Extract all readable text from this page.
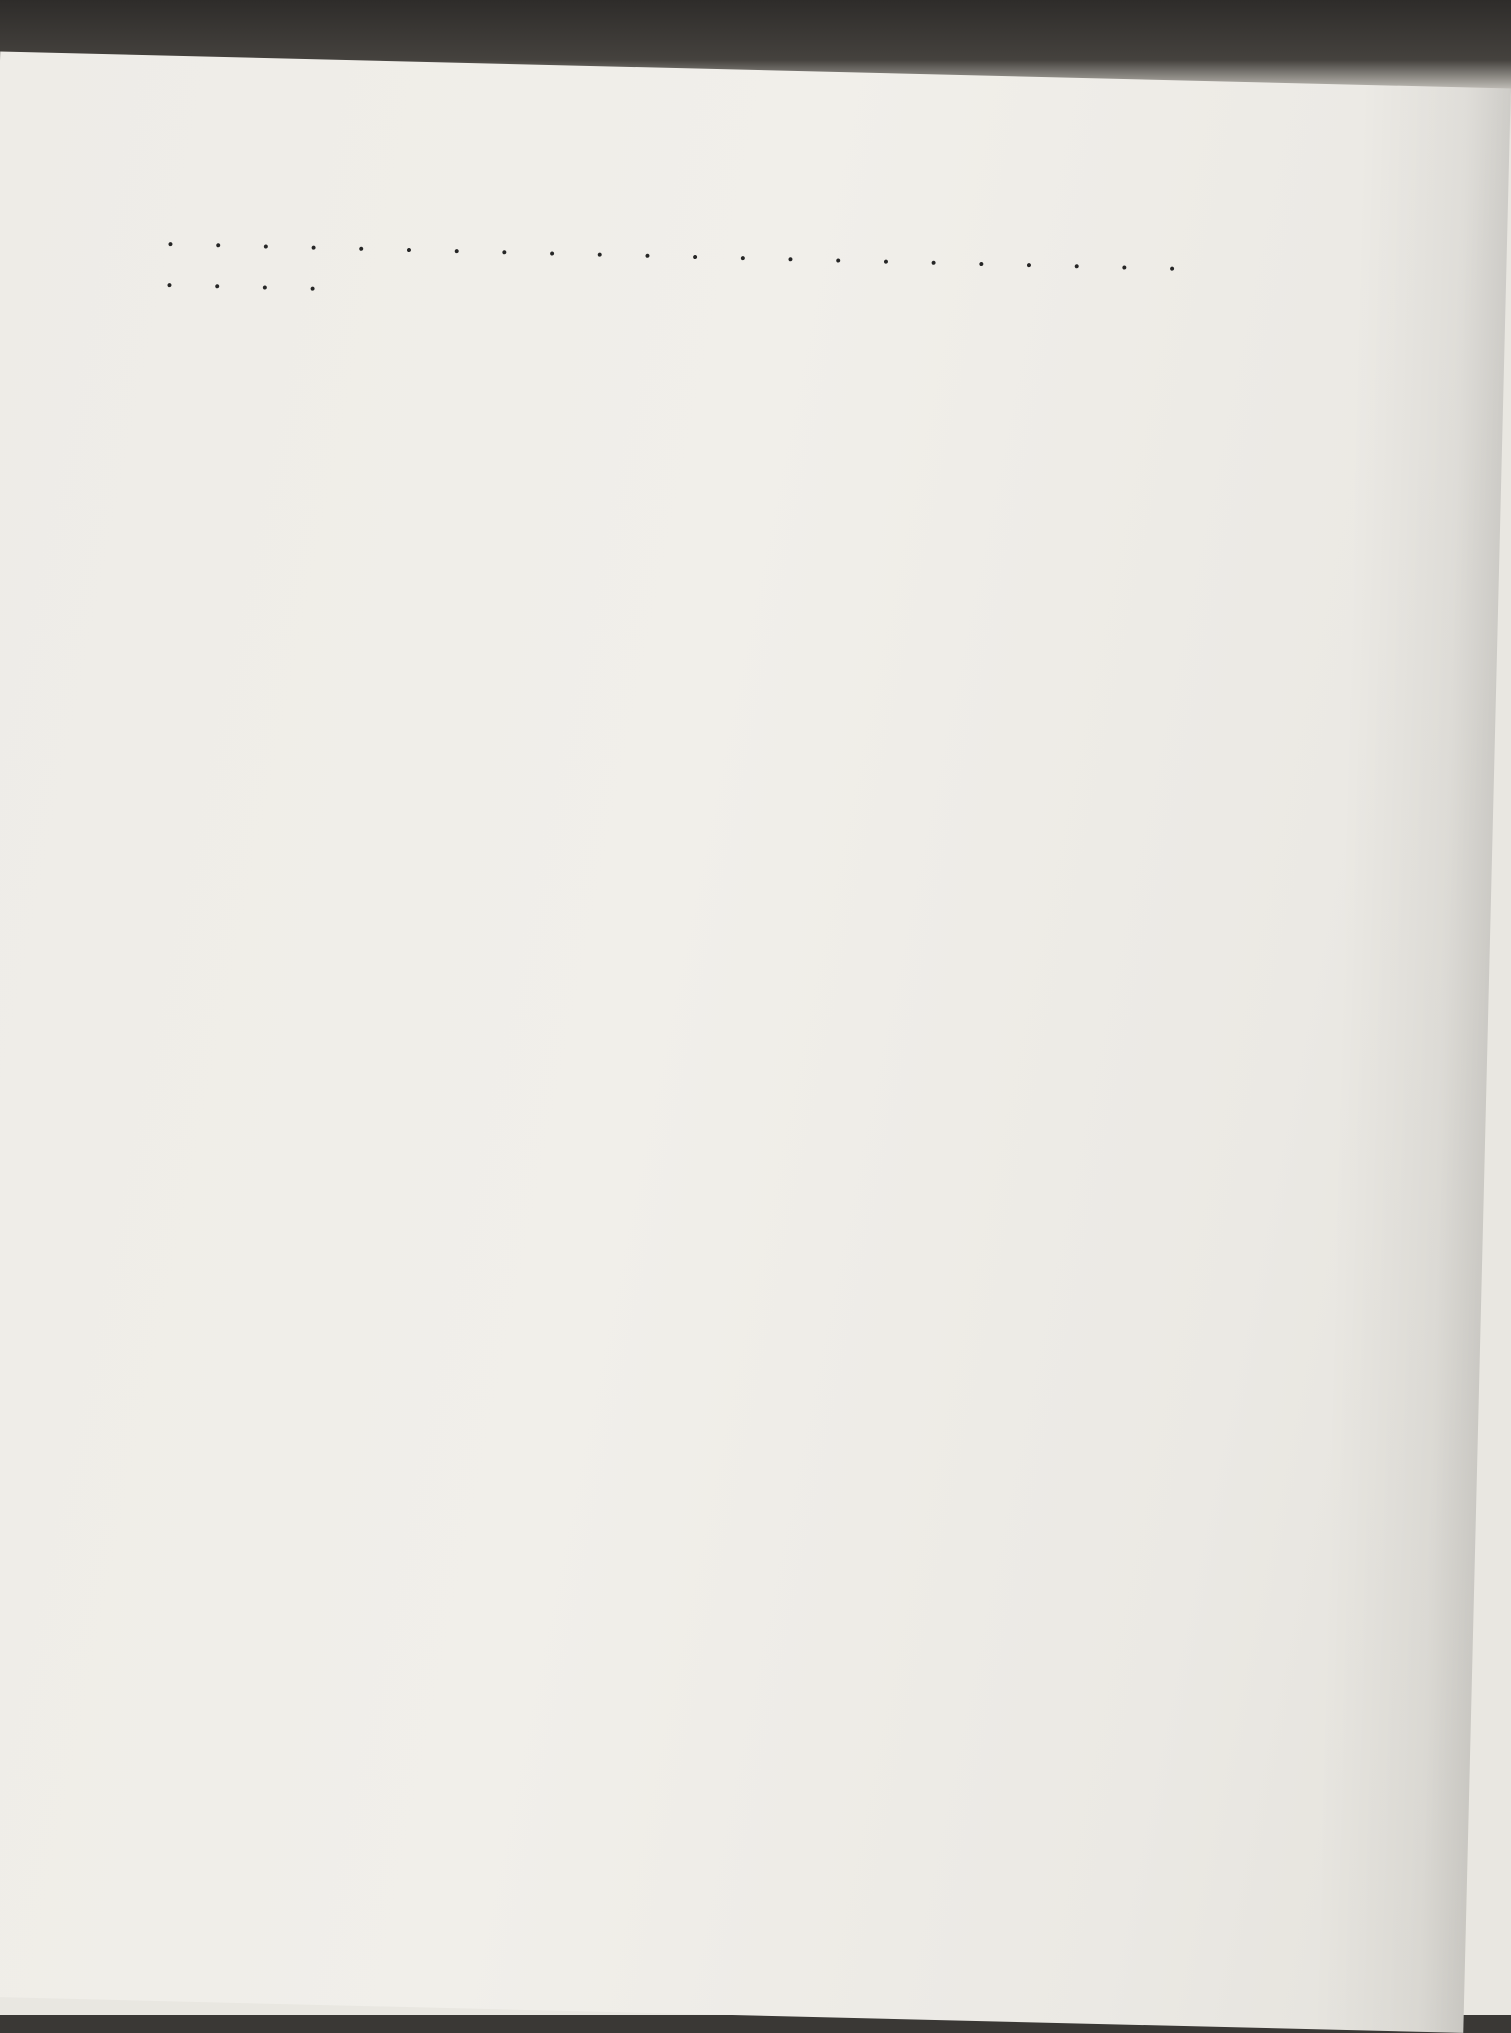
. . . . . . . . . . . . . . . . . . . . . . . . . .
